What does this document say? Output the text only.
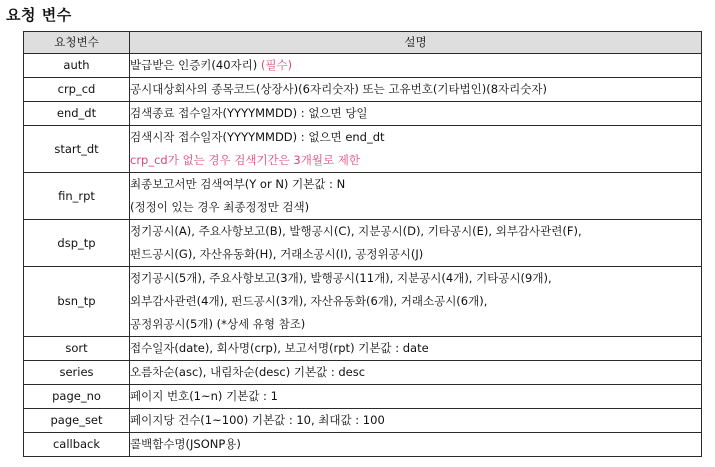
요청 변수
요청변수	설명
auth	발급받은 인증키(40자리) (필수)

crp_cd	공시대상회사의 종목코드(상장사)(6자리숫자) 또는 고유번호(기타법인)(8자리숫자)

end_dt	검색종료 접수일자(YYYYMMDD) : 없으면 당일

start_dt	검색시작 접수일자(YYYYMMDD) : 없으면 end_dt
crp_cd가 없는 경우 검색기간은 3개월로 제한

fin_rpt	최종보고서만 검색여부(Y or N) 기본값 : N
(정정이 있는 경우 최종정정만 검색)

dsp_tp	정기공시(A), 주요사항보고(B), 발행공시(C), 지분공시(D), 기타공시(E), 외부감사관련(F),
펀드공시(G), 자산유동화(H), 거래소공시(I), 공정위공시(J)

bsn_tp	정기공시(5개), 주요사항보고(3개), 발행공시(11개), 지분공시(4개), 기타공시(9개),
외부감사관련(4개), 펀드공시(3개), 자산유동화(6개), 거래소공시(6개),
공정위공시(5개) (*상세 유형 참조)

sort	접수일자(date), 회사명(crp), 보고서명(rpt) 기본값 : date

series	오름차순(asc), 내림차순(desc) 기본값 : desc

page_no	페이지 번호(1~n) 기본값 : 1

page_set	페이지당 건수(1~100) 기본값 : 10, 최대값 : 100

callback	콜백함수명(JSONP용)
